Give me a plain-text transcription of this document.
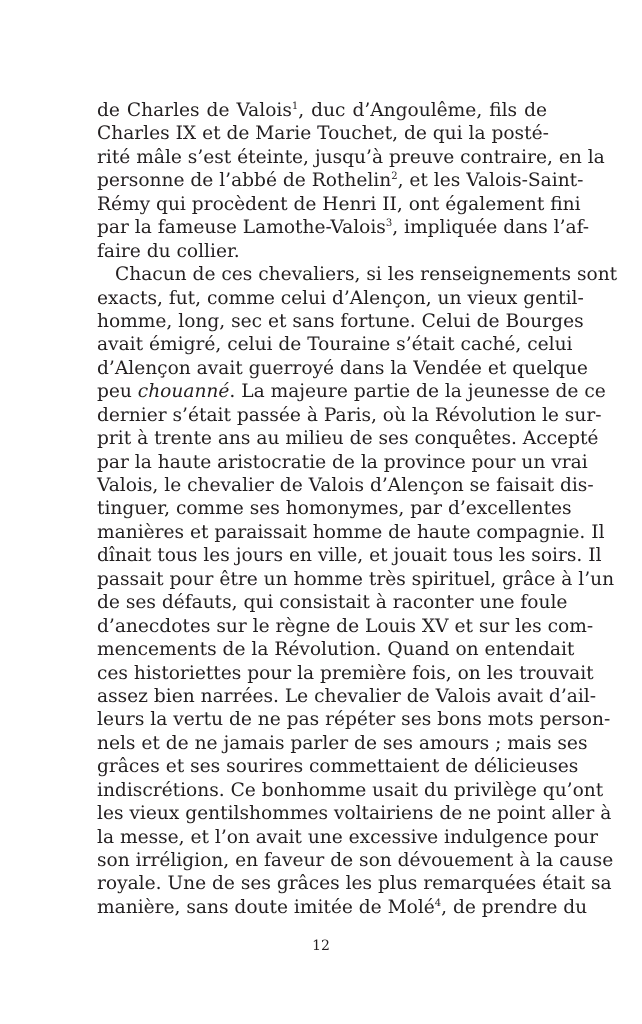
de Charles de Valois$^1$, duc d’Angoulême, fils de
Charles IX et de Marie Touchet, de qui la posté-
rité mâle s’est éteinte, jusqu’à preuve contraire, en la
personne de l’abbé de Rothelin$^2$, et les Valois-Saint-
Rémy qui procèdent de Henri II, ont également fini
par la fameuse Lamothe-Valois$^3$, impliquée dans l’af-
faire du collier.
Chacun de ces chevaliers, si les renseignements sont
exacts, fut, comme celui d’Alençon, un vieux gentil-
homme, long, sec et sans fortune. Celui de Bourges
avait émigré, celui de Touraine s’était caché, celui
d’Alençon avait guerroyé dans la Vendée et quelque
peu chouanné. La majeure partie de la jeunesse de ce
dernier s’était passée à Paris, où la Révolution le sur-
prit à trente ans au milieu de ses conquêtes. Accepté
par la haute aristocratie de la province pour un vrai
Valois, le chevalier de Valois d’Alençon se faisait dis-
tinguer, comme ses homonymes, par d’excellentes
manières et paraissait homme de haute compagnie. Il
dînait tous les jours en ville, et jouait tous les soirs. Il
passait pour être un homme très spirituel, grâce à l’un
de ses défauts, qui consistait à raconter une foule
d’anecdotes sur le règne de Louis XV et sur les com-
mencements de la Révolution. Quand on entendait
ces historiettes pour la première fois, on les trouvait
assez bien narrées. Le chevalier de Valois avait d’ail-
leurs la vertu de ne pas répéter ses bons mots person-
nels et de ne jamais parler de ses amours ; mais ses
grâces et ses sourires commettaient de délicieuses
indiscrétions. Ce bonhomme usait du privilège qu’ont
les vieux gentilshommes voltairiens de ne point aller à
la messe, et l’on avait une excessive indulgence pour
son irréligion, en faveur de son dévouement à la cause
royale. Une de ses grâces les plus remarquées était sa
manière, sans doute imitée de Molé$^4$, de prendre du
12
